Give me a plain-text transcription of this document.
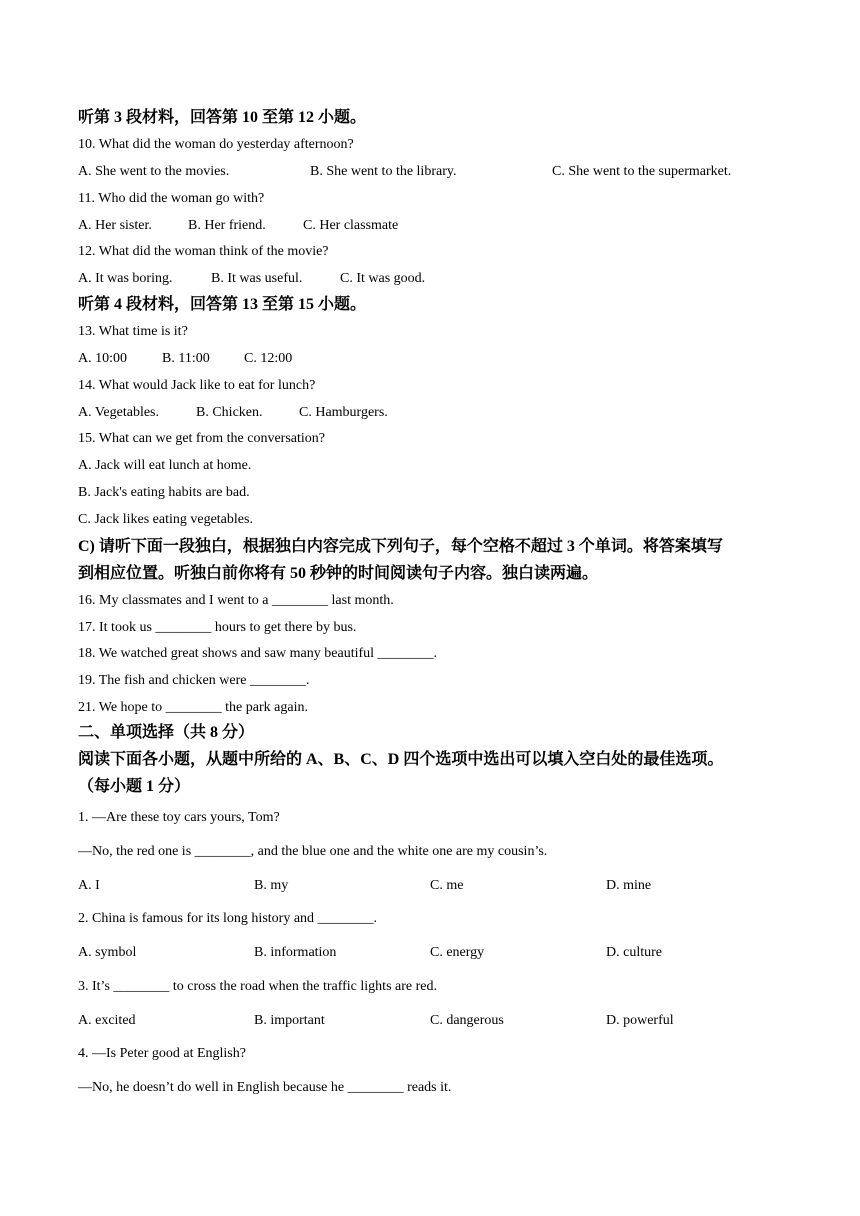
听第 3 段材料，回答第 10 至第 12 小题。
10. What did the woman do yesterday afternoon?
A. She went to the movies.	B. She went to the library.	C. She went to the supermarket.
11. Who did the woman go with?
A. Her sister.	B. Her friend.	C. Her classmate
12. What did the woman think of the movie?
A. It was boring.	B. It was useful.	C. It was good.
听第 4 段材料，回答第 13 至第 15 小题。
13. What time is it?
A. 10:00	B. 11:00 C. 12:00
14. What would Jack like to eat for lunch?
A. Vegetables.	B. Chicken.	C. Hamburgers.
15. What can we get from the conversation?
A. Jack will eat lunch at home.
B. Jack's eating habits are bad.
C. Jack likes eating vegetables.
C) 请听下面一段独白，根据独白内容完成下列句子，每个空格不超过 3 个单词。将答案填写
到相应位置。听独白前你将有 50 秒钟的时间阅读句子内容。独白读两遍。
16. My classmates and I went to a ________ last month.
17. It took us ________ hours to get there by bus.
18. We watched great shows and saw many beautiful ________.
19. The fish and chicken were ________.
21. We hope to ________ the park again.
二、单项选择（共 8 分）
阅读下面各小题，从题中所给的 A、B、C、D 四个选项中选出可以填入空白处的最佳选项。
（每小题 1 分）
1. —Are these toy cars yours, Tom?
—No, the red one is ________, and the blue one and the white one are my cousin’s.
A. I	B. my	C. me	D. mine
2. China is famous for its long history and ________.
A. symbol	B. information	C. energy	D. culture
3. It’s ________ to cross the road when the traffic lights are red.
A. excited	B. important	C. dangerous	D. powerful
4. —Is Peter good at English?
—No, he doesn’t do well in English because he ________ reads it.
